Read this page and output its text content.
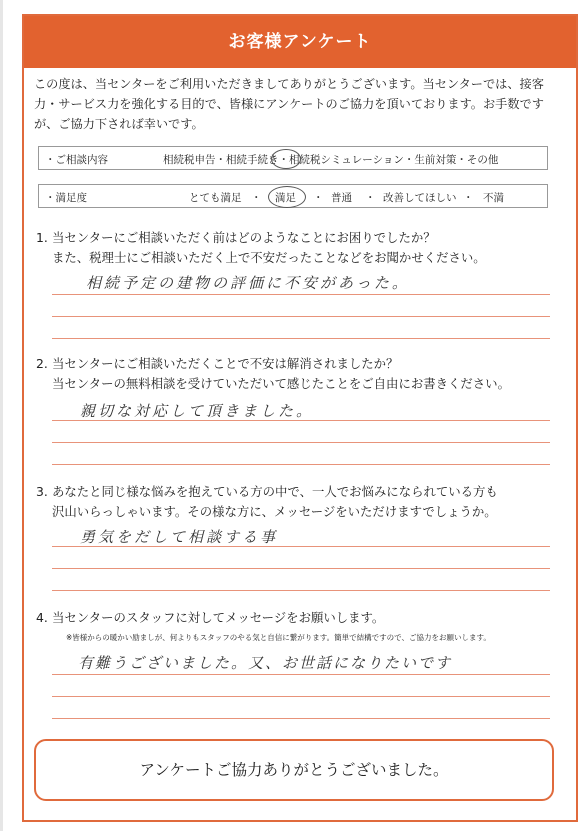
お客様アンケート
この度は、当センターをご利用いただきましてありがとうございます。当センターでは、接客力・サービス力を強化する目的で、皆様にアンケートのご協力を頂いております。お手数ですが、ご協力下されば幸いです。
・ご相談内容	相続税申告・相続手続き・相続税シミュレーション・生前対策・その他
・満足度	とても満足 ・ 満足 ・ 普通 ・ 改善してほしい ・ 不満
1. 当センターにご相談いただく前はどのようなことにお困りでしたか？
また、税理士にご相談いただく上で不安だったことなどをお聞かせください。
相続予定の建物の評価に不安があった。
2. 当センターにご相談いただくことで不安は解消されましたか？
当センターの無料相談を受けていただいて感じたことをご自由にお書きください。
親切な対応して頂きました。
3. あなたと同じ様な悩みを抱えている方の中で、一人でお悩みになられている方も
沢山いらっしゃいます。その様な方に、メッセージをいただけますでしょうか。
勇気をだして相談する事
4. 当センターのスタッフに対してメッセージをお願いします。
※皆様からの暖かい励ましが、何よりもスタッフのやる気と自信に繋がります。簡単で結構ですので、ご協力をお願いします。
有難うございました。又、お世話になりたいです
アンケートご協力ありがとうございました。
